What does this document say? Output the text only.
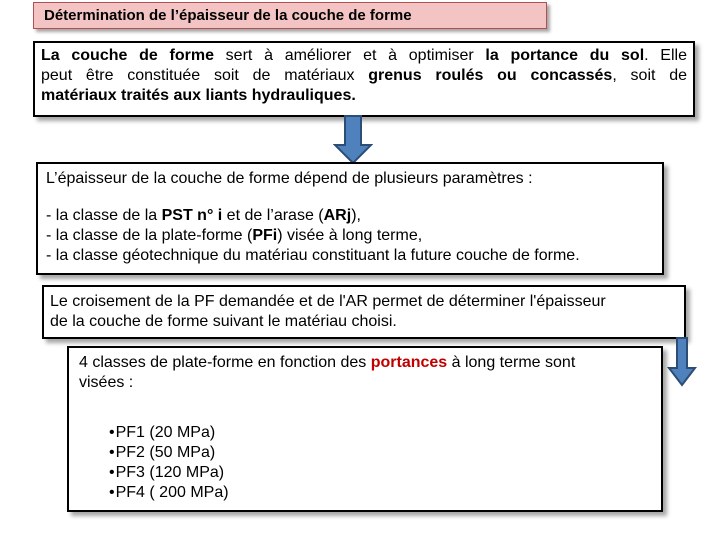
Détermination de l’épaisseur de la couche de forme
La couche de forme sert à améliorer et à optimiser la portance du sol. Elle
peut être constituée soit de matériaux grenus roulés ou concassés, soit de
matériaux traités aux liants hydrauliques.
L’épaisseur de la couche de forme dépend de plusieurs paramètres :
- la classe de la PST n° i et de l’arase (ARj),
- la classe de la plate-forme (PFi) visée à long terme,
- la classe géotechnique du matériau constituant la future couche de forme.
Le croisement de la PF demandée et de l'AR permet de déterminer l'épaisseur
de la couche de forme suivant le matériau choisi.
4 classes de plate-forme en fonction des portances à long terme sont
visées :
• PF1 (20 MPa)
• PF2 (50 MPa)
• PF3 (120 MPa)
• PF4 ( 200 MPa)
